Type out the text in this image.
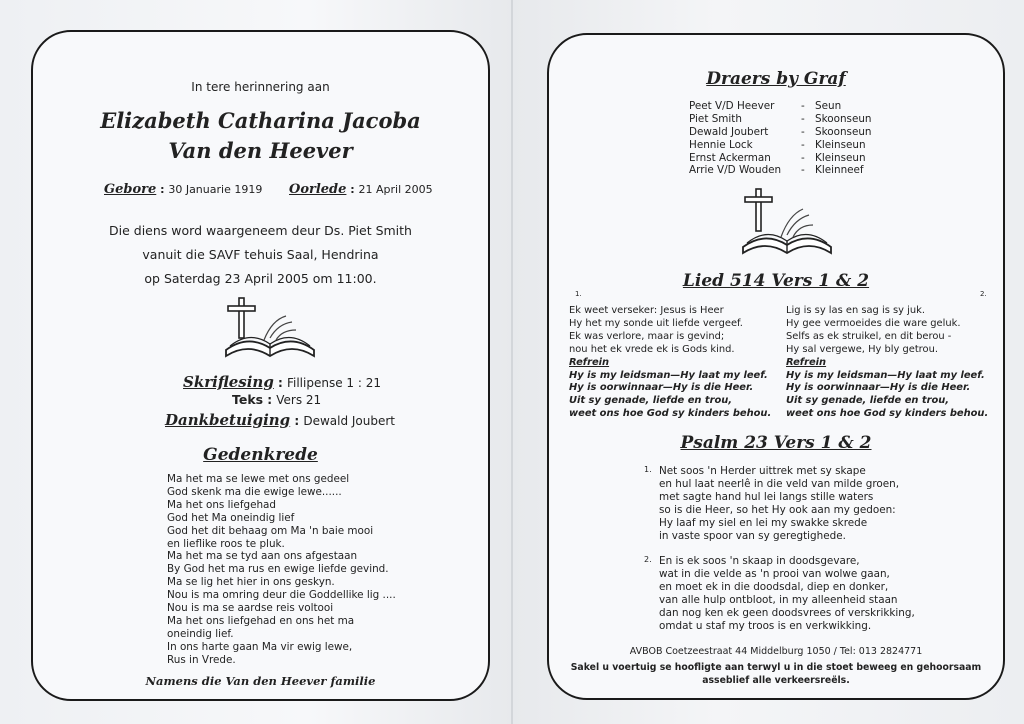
In tere herinnering aan
Elizabeth Catharina Jacoba
Van den Heever
Gebore : 30 Januarie 1919 Oorlede : 21 April 2005
Die diens word waargeneem deur Ds. Piet Smith
vanuit die SAVF tehuis Saal, Hendrina
op Saterdag 23 April 2005 om 11:00.
Skriflesing : Fillipense 1 : 21
Teks : Vers 21
Dankbetuiging : Dewald Joubert
Gedenkrede
Ma het ma se lewe met ons gedeel
God skenk ma die ewige lewe......
Ma het ons liefgehad
God het Ma oneindig lief
God het dit behaag om Ma 'n baie mooi
en lieflike roos te pluk.
Ma het ma se tyd aan ons afgestaan
By God het ma rus en ewige liefde gevind.
Ma se lig het hier in ons geskyn.
Nou is ma omring deur die Goddellike lig ....
Nou is ma se aardse reis voltooi
Ma het ons liefgehad en ons het ma
oneindig lief.
In ons harte gaan Ma vir ewig lewe,
Rus in Vrede.
Namens die Van den Heever familie
Draers by Graf
Peet V/D Heever	- Seun
Piet Smith	- Skoonseun
Dewald Joubert	- Skoonseun
Hennie Lock	- Kleinseun
Ernst Ackerman	- Kleinseun
Arrie V/D Wouden - Kleinneef
Lied 514 Vers 1 & 2
1.	2.
Ek weet verseker: Jesus is Heer
Hy het my sonde uit liefde vergeef.
Ek was verlore, maar is gevind;
nou het ek vrede ek is Gods kind.
Refrein
Hy is my leidsman—Hy laat my leef.
Hy is oorwinnaar—Hy is die Heer.
Uit sy genade, liefde en trou,
weet ons hoe God sy kinders behou.
Lig is sy las en sag is sy juk.
Hy gee vermoeides die ware geluk.
Selfs as ek struikel, en dit berou -
Hy sal vergewe, Hy bly getrou.
Refrein
Hy is my leidsman—Hy laat my leef.
Hy is oorwinnaar—Hy is die Heer.
Uit sy genade, liefde en trou,
weet ons hoe God sy kinders behou.
Psalm 23 Vers 1 & 2
1. Net soos 'n Herder uittrek met sy skape
en hul laat neerlê in die veld van milde groen,
met sagte hand hul lei langs stille waters
so is die Heer, so het Hy ook aan my gedoen:
Hy laaf my siel en lei my swakke skrede
in vaste spoor van sy geregtighede.
2. En is ek soos 'n skaap in doodsgevare,
wat in die velde as 'n prooi van wolwe gaan,
en moet ek in die doodsdal, diep en donker,
van alle hulp ontbloot, in my alleenheid staan
dan nog ken ek geen doodsvrees of verskrikking,
omdat u staf my troos is en verkwikking.
AVBOB Coetzeestraat 44 Middelburg 1050 / Tel: 013 2824771
Sakel u voertuig se hoofligte aan terwyl u in die stoet beweeg en gehoorsaam
asseblief alle verkeersreëls.
